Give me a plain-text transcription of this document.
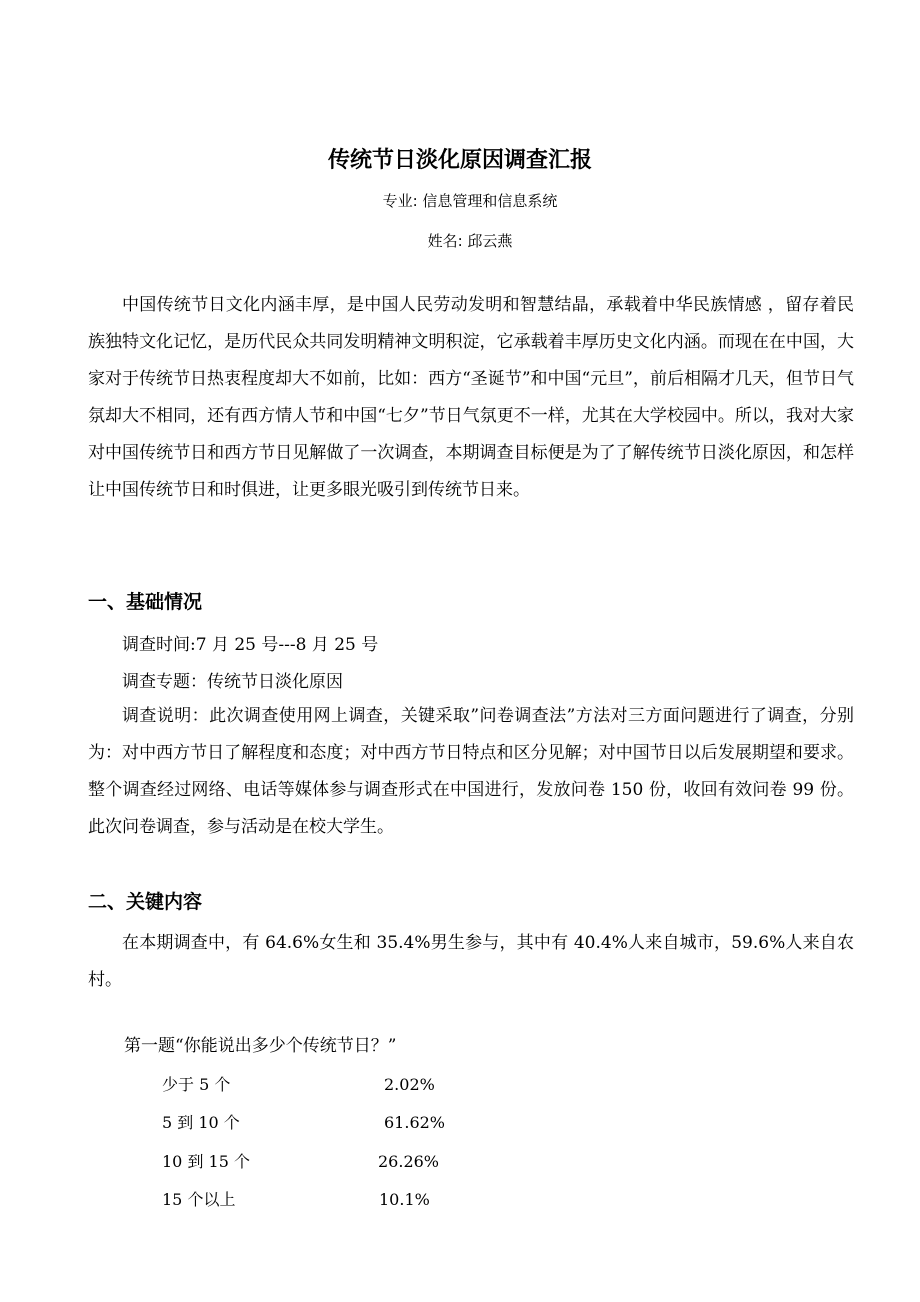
传统节日淡化原因调查汇报
专业: 信息管理和信息系统
姓名: 邱云燕

中国传统节日文化内涵丰厚，是中国人民劳动发明和智慧结晶，承载着中华民族情感 ，留存着民族独特文化记忆，是历代民众共同发明精神文明积淀，它承载着丰厚历史文化内涵。而现在在中国，大家对于传统节日热衷程度却大不如前，比如：西方“圣诞节”和中国“元旦”，前后相隔才几天，但节日气氛却大不相同，还有西方情人节和中国“七夕”节日气氛更不一样，尤其在大学校园中。所以，我对大家对中国传统节日和西方节日见解做了一次调查，本期调查目标便是为了了解传统节日淡化原因，和怎样让中国传统节日和时俱进，让更多眼光吸引到传统节日来。

一、基础情况
调查时间:7 月 25 号---8 月 25 号
调查专题：传统节日淡化原因

调查说明：此次调查使用网上调查，关键采取”问卷调查法”方法对三方面问题进行了调查，分别为：对中西方节日了解程度和态度；对中西方节日特点和区分见解；对中国节日以后发展期望和要求。整个调查经过网络、电话等媒体参与调查形式在中国进行，发放问卷 150 份，收回有效问卷 99 份。此次问卷调查，参与活动是在校大学生。

二、关键内容

在本期调查中，有 64.6%女生和 35.4%男生参与，其中有 40.4%人来自城市，59.6%人来自农村。

第一题“你能说出多少个传统节日？”
少于 5 个	2.02%
5 到 10 个	61.62%
10 到 15 个	26.26%
15 个以上	10.1%
